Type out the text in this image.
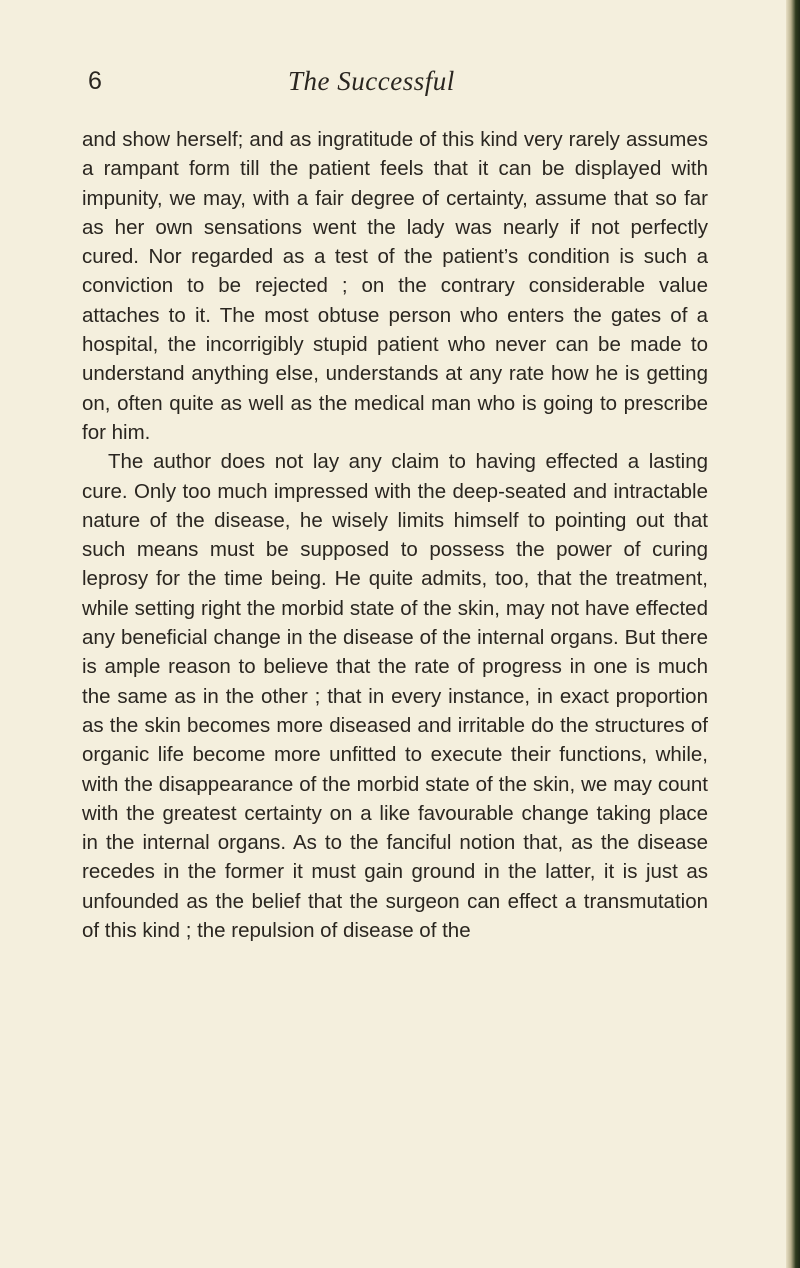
6	The Successful

and show herself; and as ingratitude of this kind very rarely assumes a rampant form till the patient feels that it can be displayed with impunity, we may, with a fair degree of certainty, assume that so far as her own sensations went the lady was nearly if not perfectly cured. Nor regarded as a test of the patient’s condition is such a conviction to be rejected ; on the contrary considerable value attaches to it. The most obtuse person who enters the gates of a hospital, the incorrigibly stupid patient who never can be made to understand anything else, understands at any rate how he is getting on, often quite as well as the medical man who is going to prescribe for him.

The author does not lay any claim to having effected a lasting cure. Only too much impressed with the deep-seated and intractable nature of the disease, he wisely limits himself to pointing out that such means must be supposed to possess the power of curing leprosy for the time being. He quite admits, too, that the treatment, while setting right the morbid state of the skin, may not have effected any beneficial change in the disease of the internal organs. But there is ample reason to believe that the rate of progress in one is much the same as in the other ; that in every instance, in exact proportion as the skin becomes more diseased and irritable do the structures of organic life become more unfitted to execute their functions, while, with the disappearance of the morbid state of the skin, we may count with the greatest certainty on a like favourable change taking place in the internal organs. As to the fanciful notion that, as the disease recedes in the former it must gain ground in the latter, it is just as unfounded as the belief that the surgeon can effect a transmutation of this kind ; the repulsion of disease of the
